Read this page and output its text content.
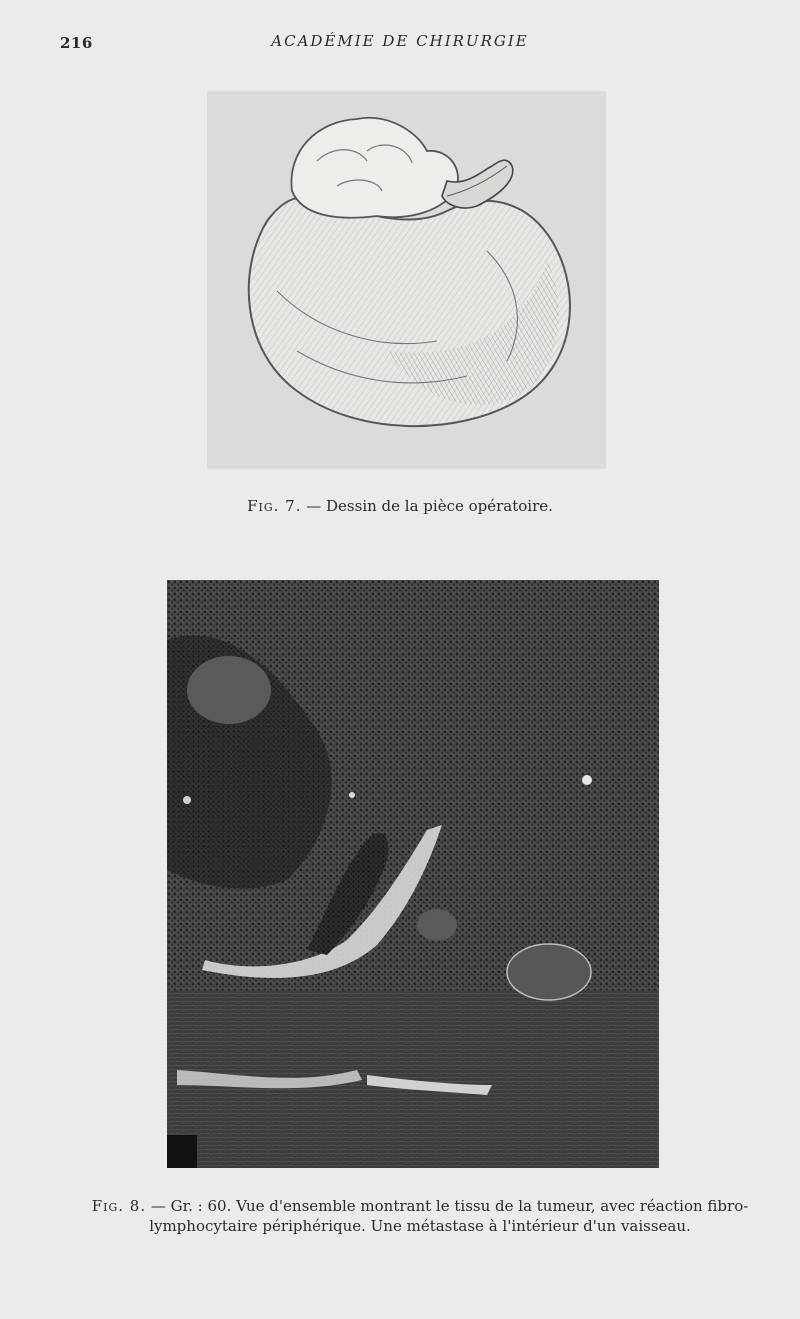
216	ACADÉMIE DE CHIRURGIE
Fig. 7. — Dessin de la pièce opératoire.
Fig. 8. — Gr. : 60. Vue d'ensemble montrant le tissu de la tumeur, avec réaction fibro-lymphocytaire périphérique. Une métastase à l'intérieur d'un vaisseau.
